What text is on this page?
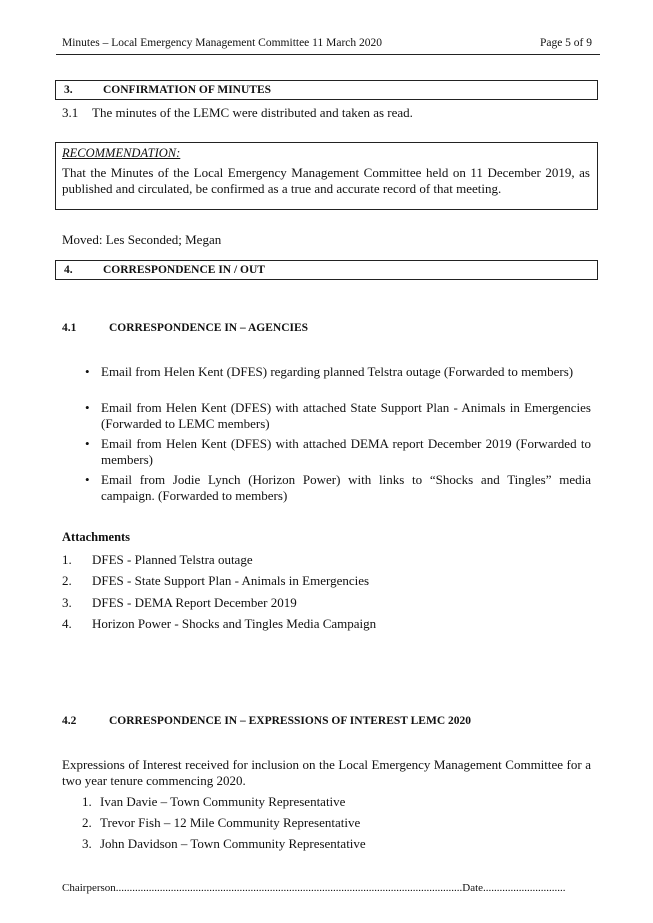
Minutes – Local Emergency Management Committee 11 March 2020	Page 5 of 9
3.	CONFIRMATION OF MINUTES
3.1 The minutes of the LEMC were distributed and taken as read.
RECOMMENDATION:
That the Minutes of the Local Emergency Management Committee held on 11 December 2019, as published and circulated, be confirmed as a true and accurate record of that meeting.
Moved: Les Seconded; Megan
4.	CORRESPONDENCE IN / OUT
4.1	CORRESPONDENCE IN – AGENCIES
• Email from Helen Kent (DFES) regarding planned Telstra outage (Forwarded to members)
• Email from Helen Kent (DFES) with attached State Support Plan - Animals in Emergencies (Forwarded to LEMC members)
• Email from Helen Kent (DFES) with attached DEMA report December 2019 (Forwarded to members)
• Email from Jodie Lynch (Horizon Power) with links to “Shocks and Tingles” media campaign. (Forwarded to members)
Attachments
1. DFES - Planned Telstra outage
2. DFES - State Support Plan - Animals in Emergencies
3. DFES - DEMA Report December 2019
4. Horizon Power - Shocks and Tingles Media Campaign
4.2	CORRESPONDENCE IN – EXPRESSIONS OF INTEREST LEMC 2020
Expressions of Interest received for inclusion on the Local Emergency Management Committee for a two year tenure commencing 2020.
1. Ivan Davie – Town Community Representative
2. Trevor Fish – 12 Mile Community Representative
3. John Davidson – Town Community Representative
Chairperson..............................................................................................................................Date..............................
